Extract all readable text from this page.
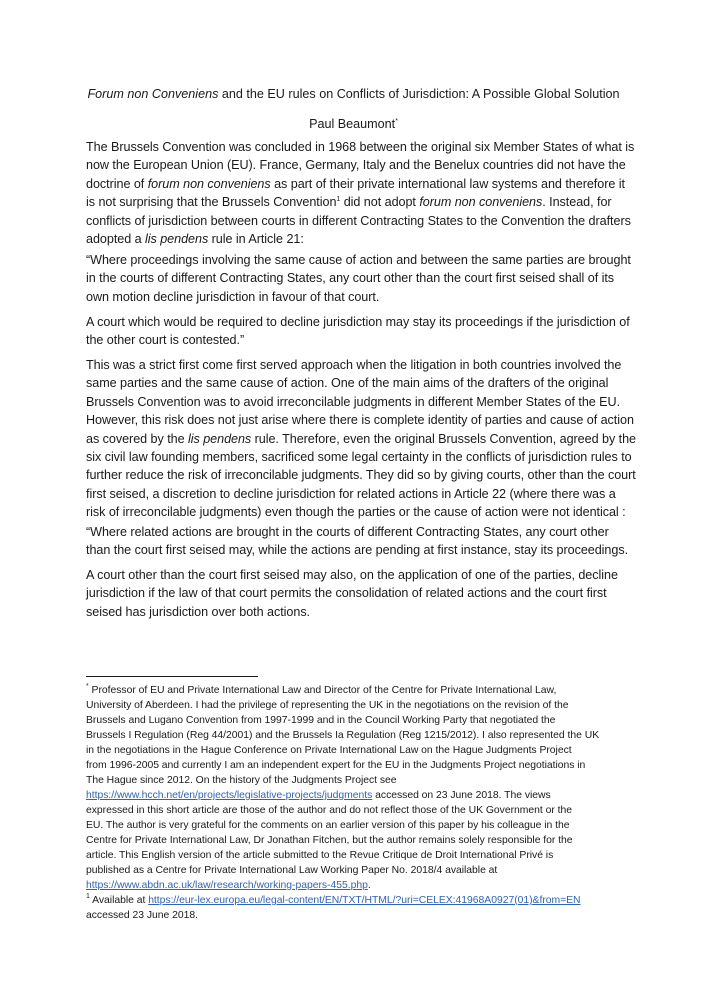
Forum non Conveniens and the EU rules on Conflicts of Jurisdiction: A Possible Global Solution
Paul Beaumont*
The Brussels Convention was concluded in 1968 between the original six Member States of what is
now the European Union (EU). France, Germany, Italy and the Benelux countries did not have the
doctrine of forum non conveniens as part of their private international law systems and therefore it
is not surprising that the Brussels Convention$^1$ did not adopt forum non conveniens. Instead, for
conflicts of jurisdiction between courts in different Contracting States to the Convention the drafters
adopted a lis pendens rule in Article 21:
“Where proceedings involving the same cause of action and between the same parties are brought
in the courts of different Contracting States, any court other than the court first seised shall of its
own motion decline jurisdiction in favour of that court.
A court which would be required to decline jurisdiction may stay its proceedings if the jurisdiction of
the other court is contested.”
This was a strict first come first served approach when the litigation in both countries involved the
same parties and the same cause of action. One of the main aims of the drafters of the original
Brussels Convention was to avoid irreconcilable judgments in different Member States of the EU.
However, this risk does not just arise where there is complete identity of parties and cause of action
as covered by the lis pendens rule. Therefore, even the original Brussels Convention, agreed by the
six civil law founding members, sacrificed some legal certainty in the conflicts of jurisdiction rules to
further reduce the risk of irreconcilable judgments. They did so by giving courts, other than the court
first seised, a discretion to decline jurisdiction for related actions in Article 22 (where there was a
risk of irreconcilable judgments) even though the parties or the cause of action were not identical :
“Where related actions are brought in the courts of different Contracting States, any court other
than the court first seised may, while the actions are pending at first instance, stay its proceedings.
A court other than the court first seised may also, on the application of one of the parties, decline
jurisdiction if the law of that court permits the consolidation of related actions and the court first
seised has jurisdiction over both actions.
* Professor of EU and Private International Law and Director of the Centre for Private International Law,
University of Aberdeen. I had the privilege of representing the UK in the negotiations on the revision of the
Brussels and Lugano Convention from 1997-1999 and in the Council Working Party that negotiated the
Brussels I Regulation (Reg 44/2001) and the Brussels Ia Regulation (Reg 1215/2012). I also represented the UK
in the negotiations in the Hague Conference on Private International Law on the Hague Judgments Project
from 1996-2005 and currently I am an independent expert for the EU in the Judgments Project negotiations in
The Hague since 2012. On the history of the Judgments Project see
https://www.hcch.net/en/projects/legislative-projects/judgments accessed on 23 June 2018. The views
expressed in this short article are those of the author and do not reflect those of the UK Government or the
EU. The author is very grateful for the comments on an earlier version of this paper by his colleague in the
Centre for Private International Law, Dr Jonathan Fitchen, but the author remains solely responsible for the
article. This English version of the article submitted to the Revue Critique de Droit International Privé is
published as a Centre for Private International Law Working Paper No. 2018/4 available at
https://www.abdn.ac.uk/law/research/working-papers-455.php.
$^1$ Available at https://eur-lex.europa.eu/legal-content/EN/TXT/HTML/?uri=CELEX:41968A0927(01)&from=EN
accessed 23 June 2018.
